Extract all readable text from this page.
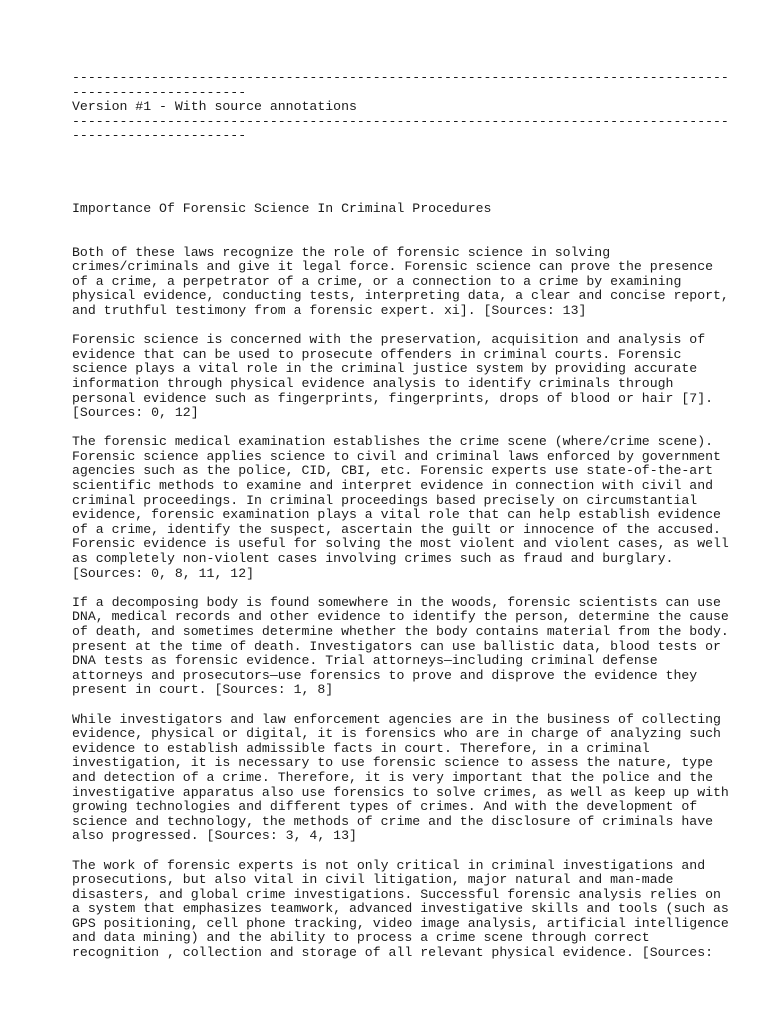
-----------------------------------------------------------------------------------
----------------------
Version #1 - With source annotations
-----------------------------------------------------------------------------------
----------------------
Importance Of Forensic Science In Criminal Procedures
Both of these laws recognize the role of forensic science in solving
crimes/criminals and give it legal force. Forensic science can prove the presence
of a crime, a perpetrator of a crime, or a connection to a crime by examining
physical evidence, conducting tests, interpreting data, a clear and concise report,
and truthful testimony from a forensic expert. xi]. [Sources: 13]
Forensic science is concerned with the preservation, acquisition and analysis of
evidence that can be used to prosecute offenders in criminal courts. Forensic
science plays a vital role in the criminal justice system by providing accurate
information through physical evidence analysis to identify criminals through
personal evidence such as fingerprints, fingerprints, drops of blood or hair [7].
[Sources: 0, 12]
The forensic medical examination establishes the crime scene (where/crime scene).
Forensic science applies science to civil and criminal laws enforced by government
agencies such as the police, CID, CBI, etc. Forensic experts use state-of-the-art
scientific methods to examine and interpret evidence in connection with civil and
criminal proceedings. In criminal proceedings based precisely on circumstantial
evidence, forensic examination plays a vital role that can help establish evidence
of a crime, identify the suspect, ascertain the guilt or innocence of the accused.
Forensic evidence is useful for solving the most violent and violent cases, as well
as completely non-violent cases involving crimes such as fraud and burglary.
[Sources: 0, 8, 11, 12]
If a decomposing body is found somewhere in the woods, forensic scientists can use
DNA, medical records and other evidence to identify the person, determine the cause
of death, and sometimes determine whether the body contains material from the body.
present at the time of death. Investigators can use ballistic data, blood tests or
DNA tests as forensic evidence. Trial attorneys—including criminal defense
attorneys and prosecutors—use forensics to prove and disprove the evidence they
present in court. [Sources: 1, 8]
While investigators and law enforcement agencies are in the business of collecting
evidence, physical or digital, it is forensics who are in charge of analyzing such
evidence to establish admissible facts in court. Therefore, in a criminal
investigation, it is necessary to use forensic science to assess the nature, type
and detection of a crime. Therefore, it is very important that the police and the
investigative apparatus also use forensics to solve crimes, as well as keep up with
growing technologies and different types of crimes. And with the development of
science and technology, the methods of crime and the disclosure of criminals have
also progressed. [Sources: 3, 4, 13]
The work of forensic experts is not only critical in criminal investigations and
prosecutions, but also vital in civil litigation, major natural and man-made
disasters, and global crime investigations. Successful forensic analysis relies on
a system that emphasizes teamwork, advanced investigative skills and tools (such as
GPS positioning, cell phone tracking, video image analysis, artificial intelligence
and data mining) and the ability to process a crime scene through correct
recognition , collection and storage of all relevant physical evidence. [Sources:
